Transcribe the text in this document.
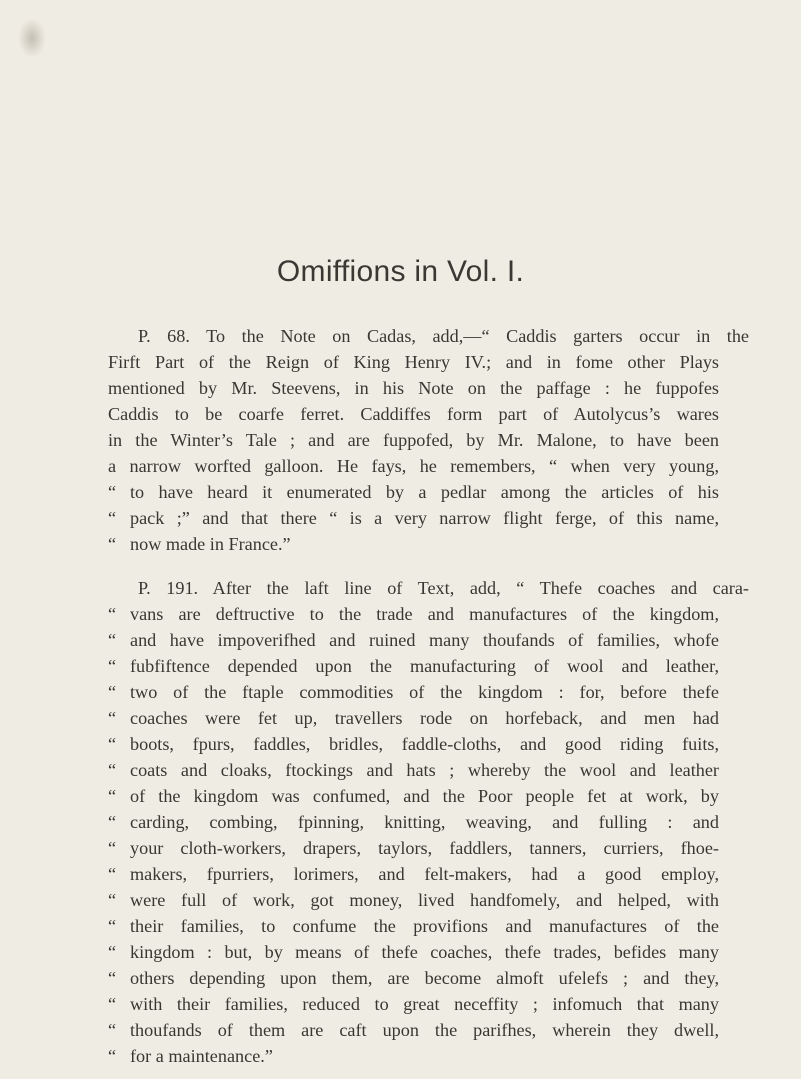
Omiffions in Vol. I.
P. 68. To the Note on Cadas, add,—“ Caddis garters occur in the
Firft Part of the Reign of King Henry IV.; and in fome other Plays
mentioned by Mr. Steevens, in his Note on the paffage : he fuppofes
Caddis to be coarfe ferret. Caddiffes form part of Autolycus’s wares
in the Winter’s Tale ; and are fuppofed, by Mr. Malone, to have been
a narrow worfted galloon. He fays, he remembers, “ when very young,
“ to have heard it enumerated by a pedlar among the articles of his
“ pack ;” and that there “ is a very narrow flight ferge, of this name,
“ now made in France.”
P. 191. After the laft line of Text, add, “ Thefe coaches and cara-
“ vans are deftructive to the trade and manufactures of the kingdom,
“ and have impoverifhed and ruined many thoufands of families, whofe
“ fubfiftence depended upon the manufacturing of wool and leather,
“ two of the ftaple commodities of the kingdom : for, before thefe
“ coaches were fet up, travellers rode on horfeback, and men had
“ boots, fpurs, faddles, bridles, faddle-cloths, and good riding fuits,
“ coats and cloaks, ftockings and hats ; whereby the wool and leather
“ of the kingdom was confumed, and the Poor people fet at work, by
“ carding, combing, fpinning, knitting, weaving, and fulling : and
“ your cloth-workers, drapers, taylors, faddlers, tanners, curriers, fhoe-
“ makers, fpurriers, lorimers, and felt-makers, had a good employ,
“ were full of work, got money, lived handfomely, and helped, with
“ their families, to confume the provifions and manufactures of the
“ kingdom : but, by means of thefe coaches, thefe trades, befides many
“ others depending upon them, are become almoft ufelefs ; and they,
“ with their families, reduced to great neceffity ; infomuch that many
“ thoufands of them are caft upon the parifhes, wherein they dwell,
“ for a maintenance.”
